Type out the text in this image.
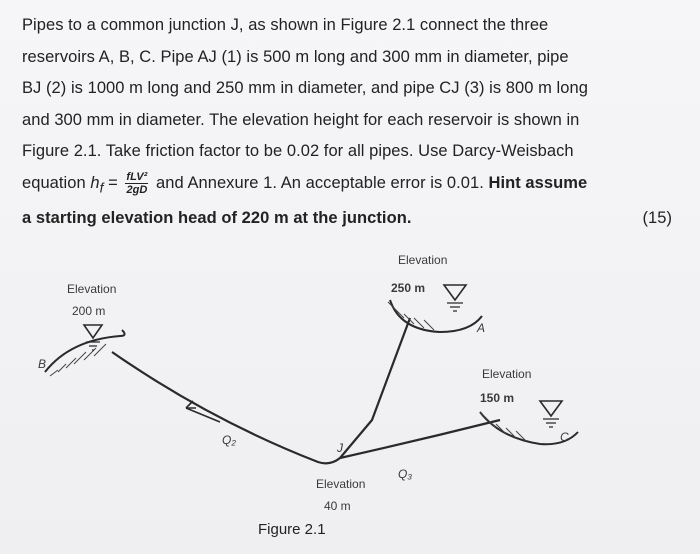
Pipes to a common junction J, as shown in Figure 2.1 connect the three
reservoirs A, B, C. Pipe AJ (1) is 500 m long and 300 mm in diameter, pipe
BJ (2) is 1000 m long and 250 mm in diameter, and pipe CJ (3) is 800 m long
and 300 mm in diameter. The elevation height for each reservoir is shown in
Figure 2.1. Take friction factor to be 0.02 for all pipes. Use Darcy-Weisbach
equation $h_f = \frac{\text{fLV²}}{2gD}$ and Annexure 1. An acceptable error is 0.01. Hint assume
a starting elevation head of 220 m at the junction.	(15)
Elevation
200 m
B
Elevation
250 m
A
Elevation
150 m
C
Q₂
Q₃
J
Elevation
40 m
Figure 2.1
